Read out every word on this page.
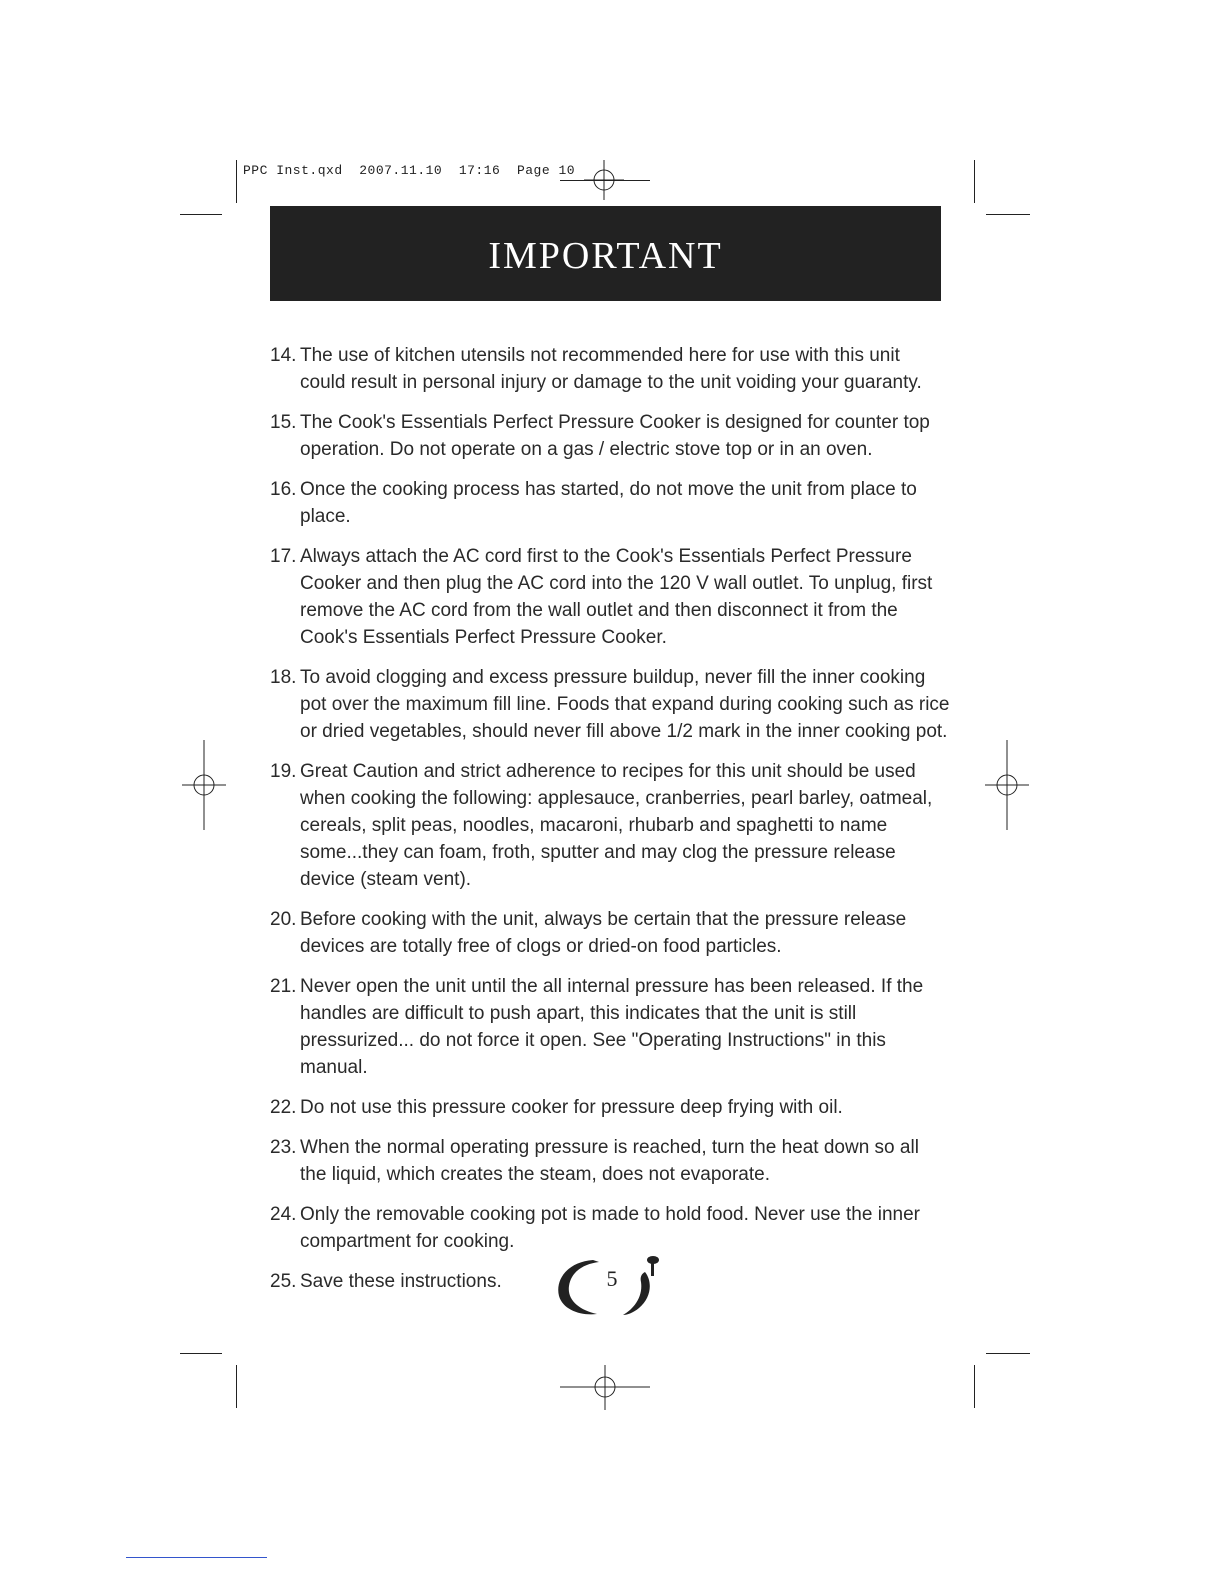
PPC Inst.qxd  2007.11.10  17:16  Page 10
IMPORTANT
14. The use of kitchen utensils not recommended here for use with this unit could result in personal injury or damage to the unit voiding your guaranty.
15. The Cook's Essentials Perfect Pressure Cooker is designed for counter top operation. Do not operate on a gas / electric stove top or in an oven.
16. Once the cooking process has started, do not move the unit from place to place.
17. Always attach the AC cord first to the Cook's Essentials Perfect Pressure Cooker and then plug the AC cord into the 120 V wall outlet. To unplug, first remove the AC cord from the wall outlet and then disconnect it from the Cook's Essentials Perfect Pressure Cooker.
18. To avoid clogging and excess pressure buildup, never fill the inner cooking pot over the maximum fill line. Foods that expand during cooking such as rice or dried vegetables, should never fill above 1/2 mark in the inner cooking pot.
19. Great Caution and strict adherence to recipes for this unit should be used when cooking the following: applesauce, cranberries, pearl barley, oatmeal, cereals, split peas, noodles, macaroni, rhubarb and spaghetti to name some...they can foam, froth, sputter and may clog the pressure release device (steam vent).
20. Before cooking with the unit, always be certain that the pressure release devices are totally free of clogs or dried-on food particles.
21. Never open the unit until the all internal pressure has been released. If the handles are difficult to push apart, this indicates that the unit is still pressurized... do not force it open. See "Operating Instructions" in this manual.
22. Do not use this pressure cooker for pressure deep frying with oil.
23. When the normal operating pressure is reached, turn the heat down so all the liquid, which creates the steam, does not evaporate.
24. Only the removable cooking pot is made to hold food. Never use the inner compartment for cooking.
25. Save these instructions.	5
